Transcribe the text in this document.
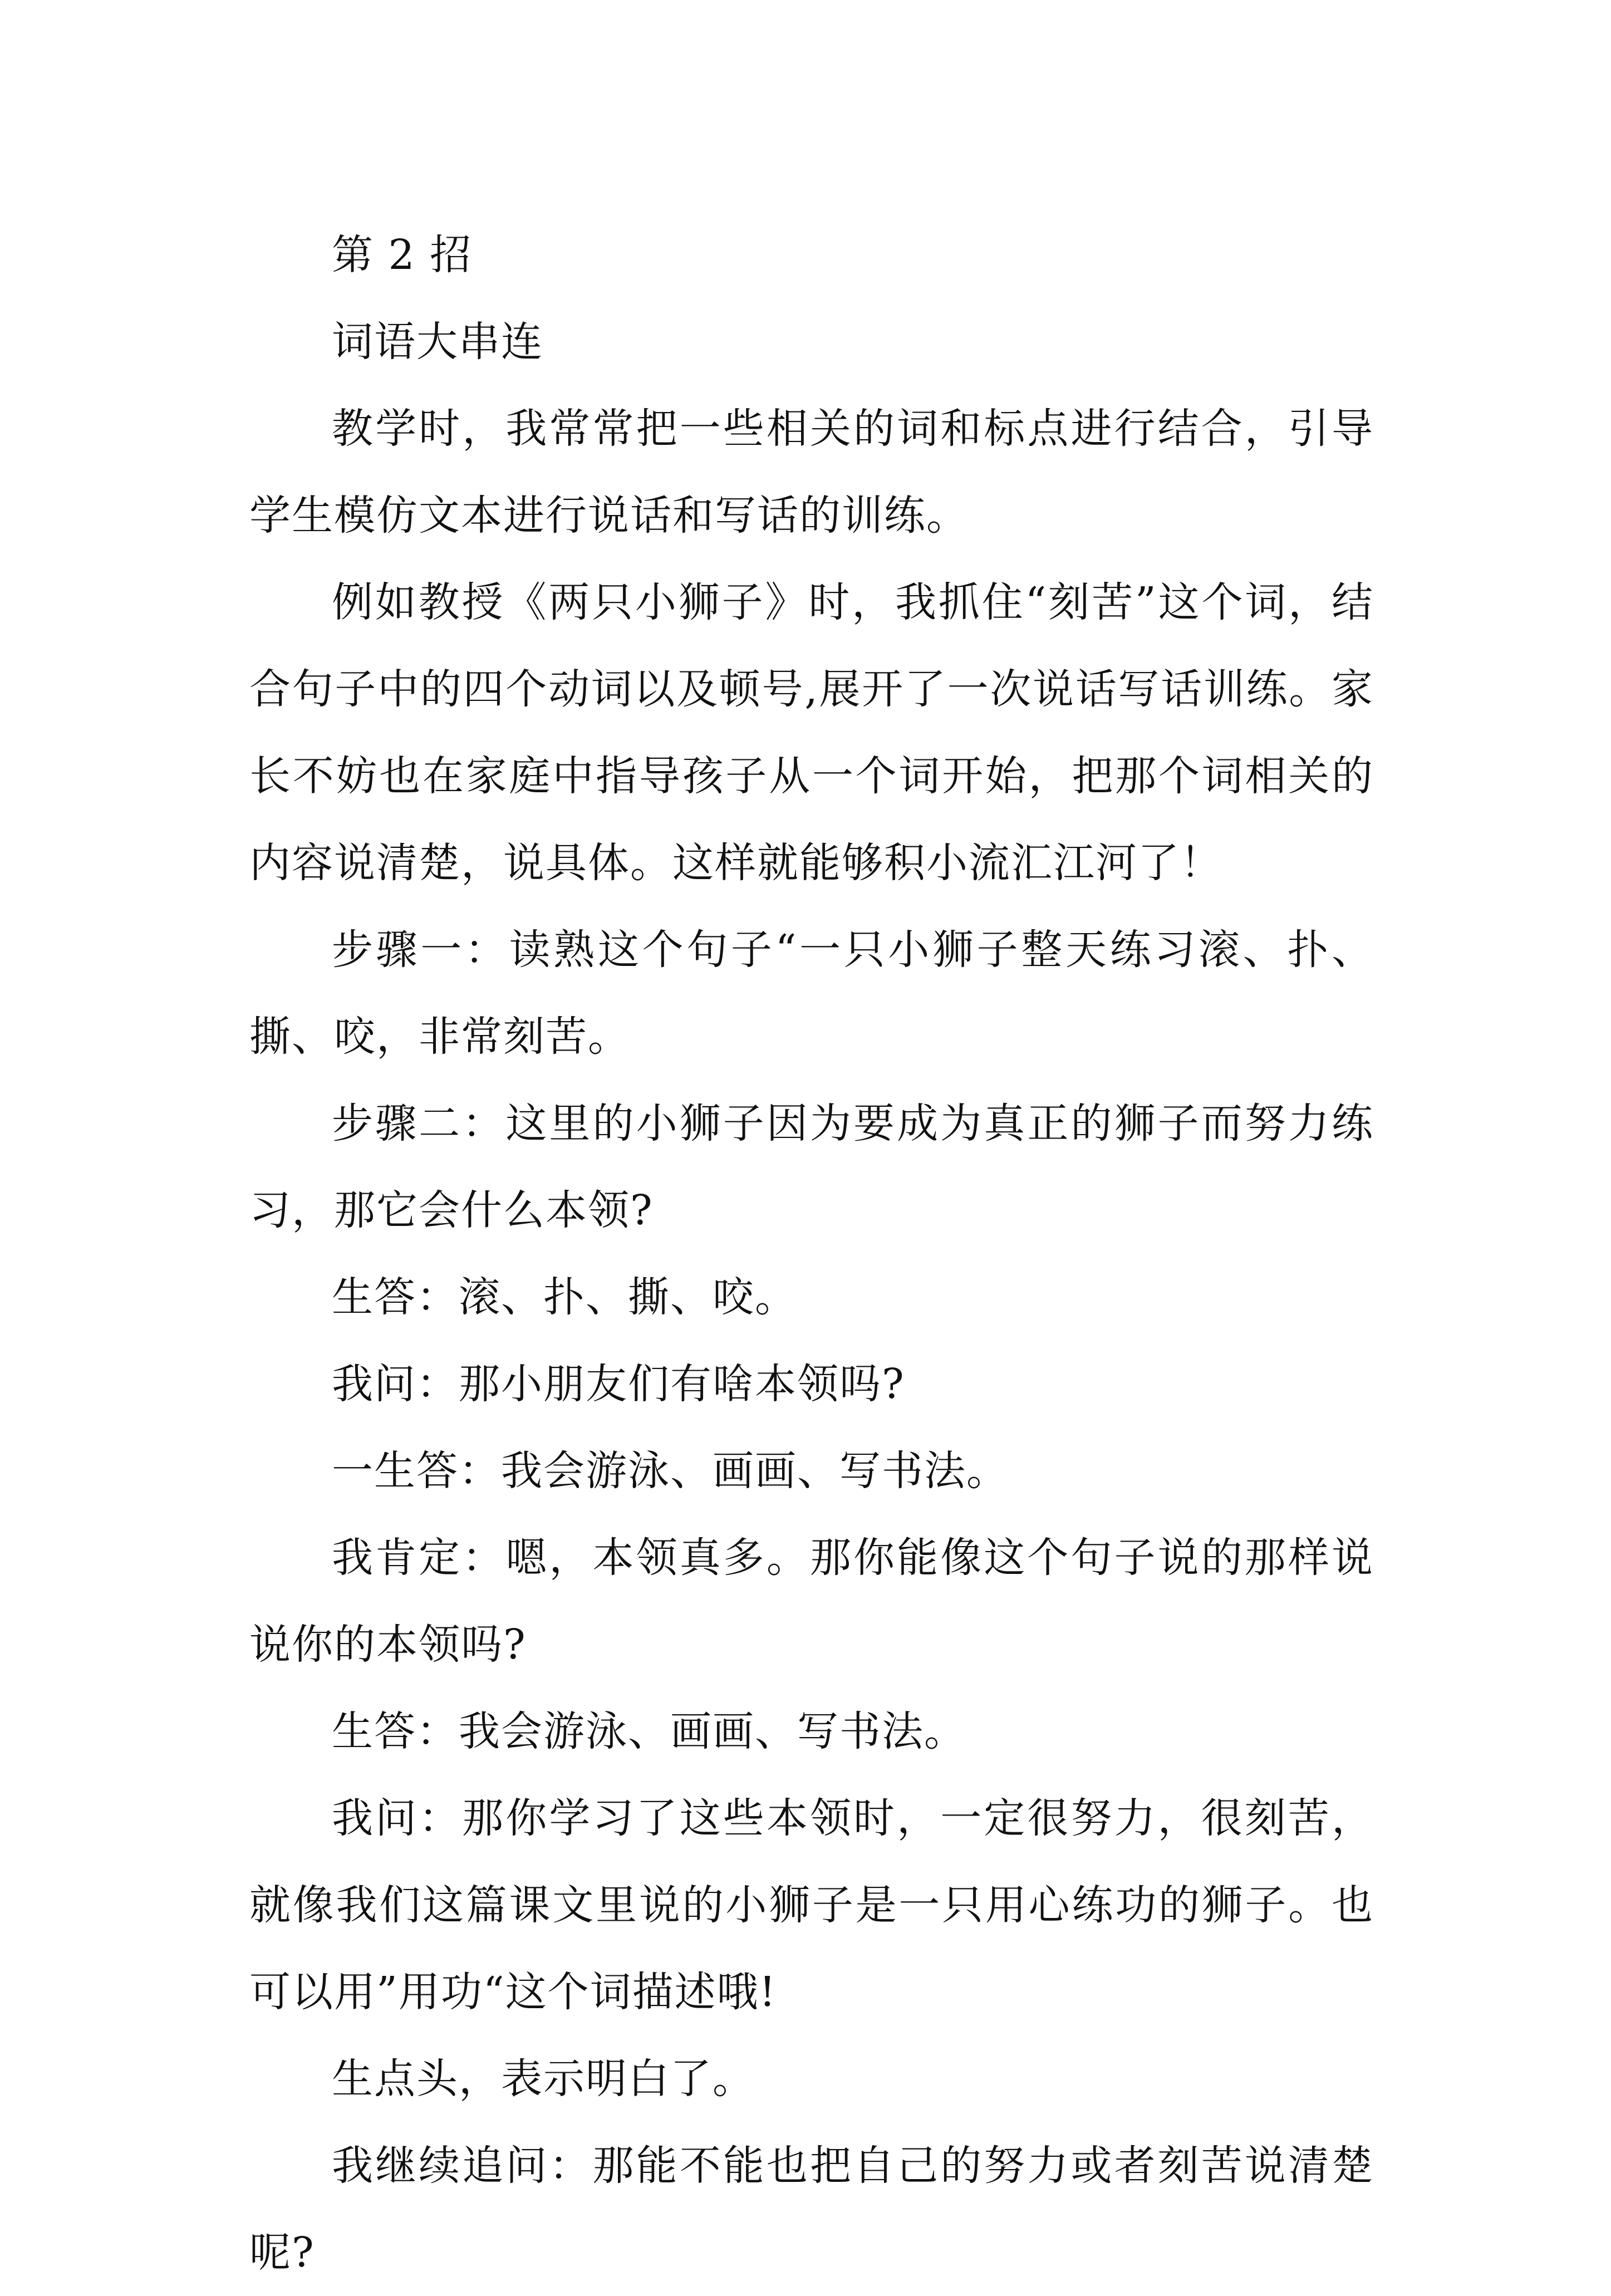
第 2 招

词语大串连

教学时，我常常把一些相关的词和标点进行结合，引导学生模仿文本进行说话和写话的训练。

例如教授《两只小狮子》时，我抓住“刻苦”这个词，结合句子中的四个动词以及顿号,展开了一次说话写话训练。家长不妨也在家庭中指导孩子从一个词开始，把那个词相关的内容说清楚，说具体。这样就能够积小流汇江河了！

步骤一：读熟这个句子“一只小狮子整天练习滚、扑、撕、咬，非常刻苦。

步骤二：这里的小狮子因为要成为真正的狮子而努力练习，那它会什么本领?

生答：滚、扑、撕、咬。

我问：那小朋友们有啥本领吗?

一生答：我会游泳、画画、写书法。

我肯定：嗯，本领真多。那你能像这个句子说的那样说说你的本领吗?

生答：我会游泳、画画、写书法。

我问：那你学习了这些本领时，一定很努力，很刻苦，就像我们这篇课文里说的小狮子是一只用心练功的狮子。也可以用”用功“这个词描述哦!

生点头，表示明白了。

我继续追问：那能不能也把自己的努力或者刻苦说清楚呢?
